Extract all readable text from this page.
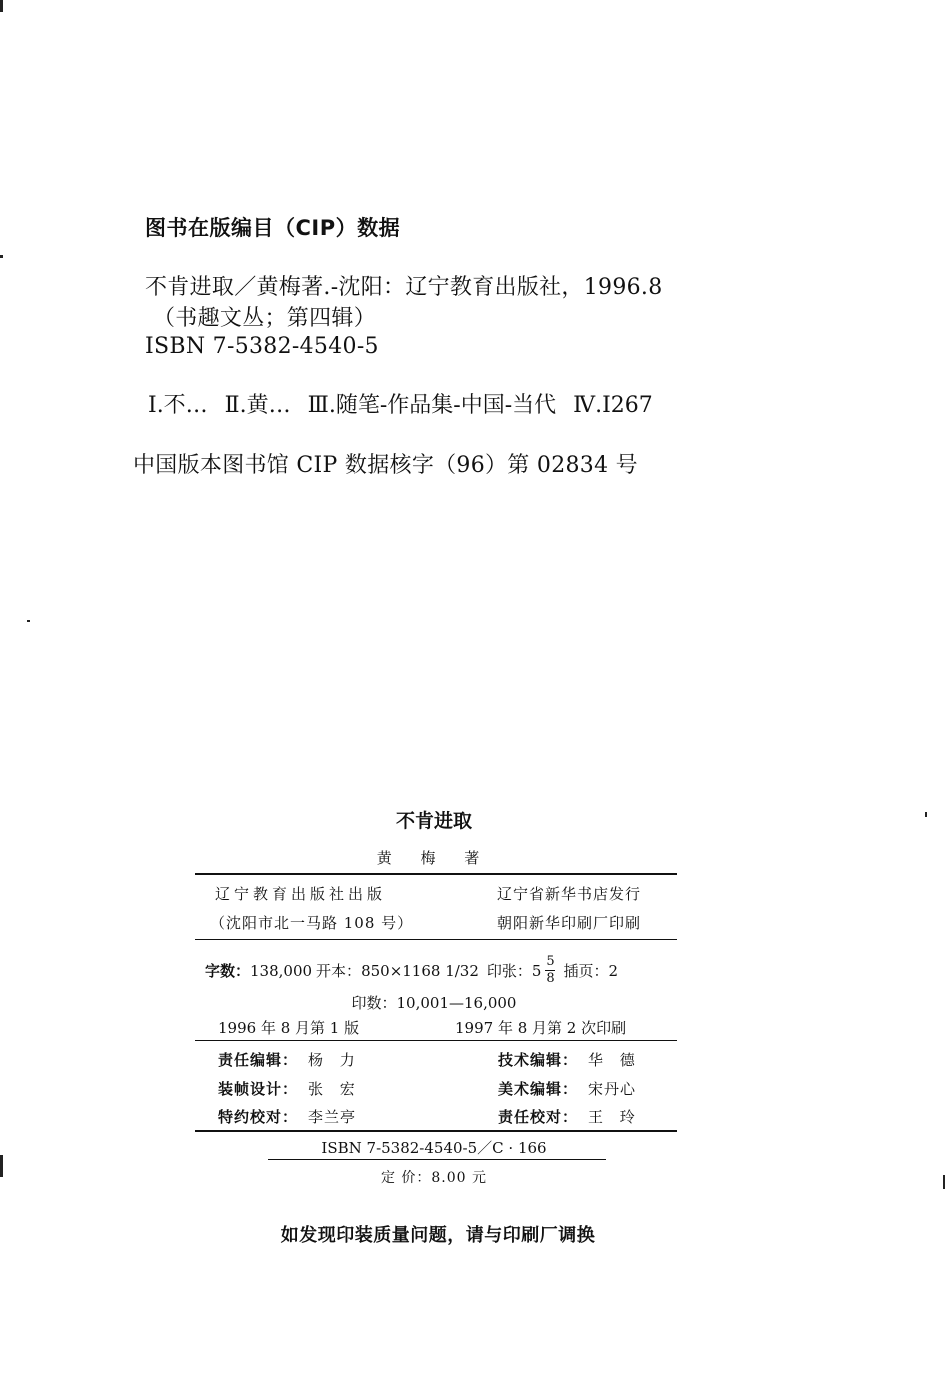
图书在版编目（CIP）数据
不肯进取／黄梅著.-沈阳：辽宁教育出版社，1996.8
（书趣文丛；第四辑）
ISBN 7-5382-4540-5
Ⅰ.不… Ⅱ.黄… Ⅲ.随笔-作品集-中国-当代 Ⅳ.I267
中国版本图书馆 CIP 数据核字（96）第 02834 号
不肯进取
黄 梅 著
辽宁教育出版社出版
（沈阳市北一马路 108 号）
辽宁省新华书店发行
朝阳新华印刷厂印刷
字数： 138,000 开本： 850×1168 1/32 印张： $5 \frac{5}{8}$ 插页： 2
印数：10,001—16,000
1996 年 8 月第 1 版	1997 年 8 月第 2 次印刷
责任编辑： 杨 力
装帧设计： 张 宏
特约校对： 李兰亭
技术编辑： 华 德
美术编辑： 宋丹心
责任校对： 王 玲
ISBN 7-5382-4540-5／C · 166
定 价：8.00 元
如发现印装质量问题，请与印刷厂调换
